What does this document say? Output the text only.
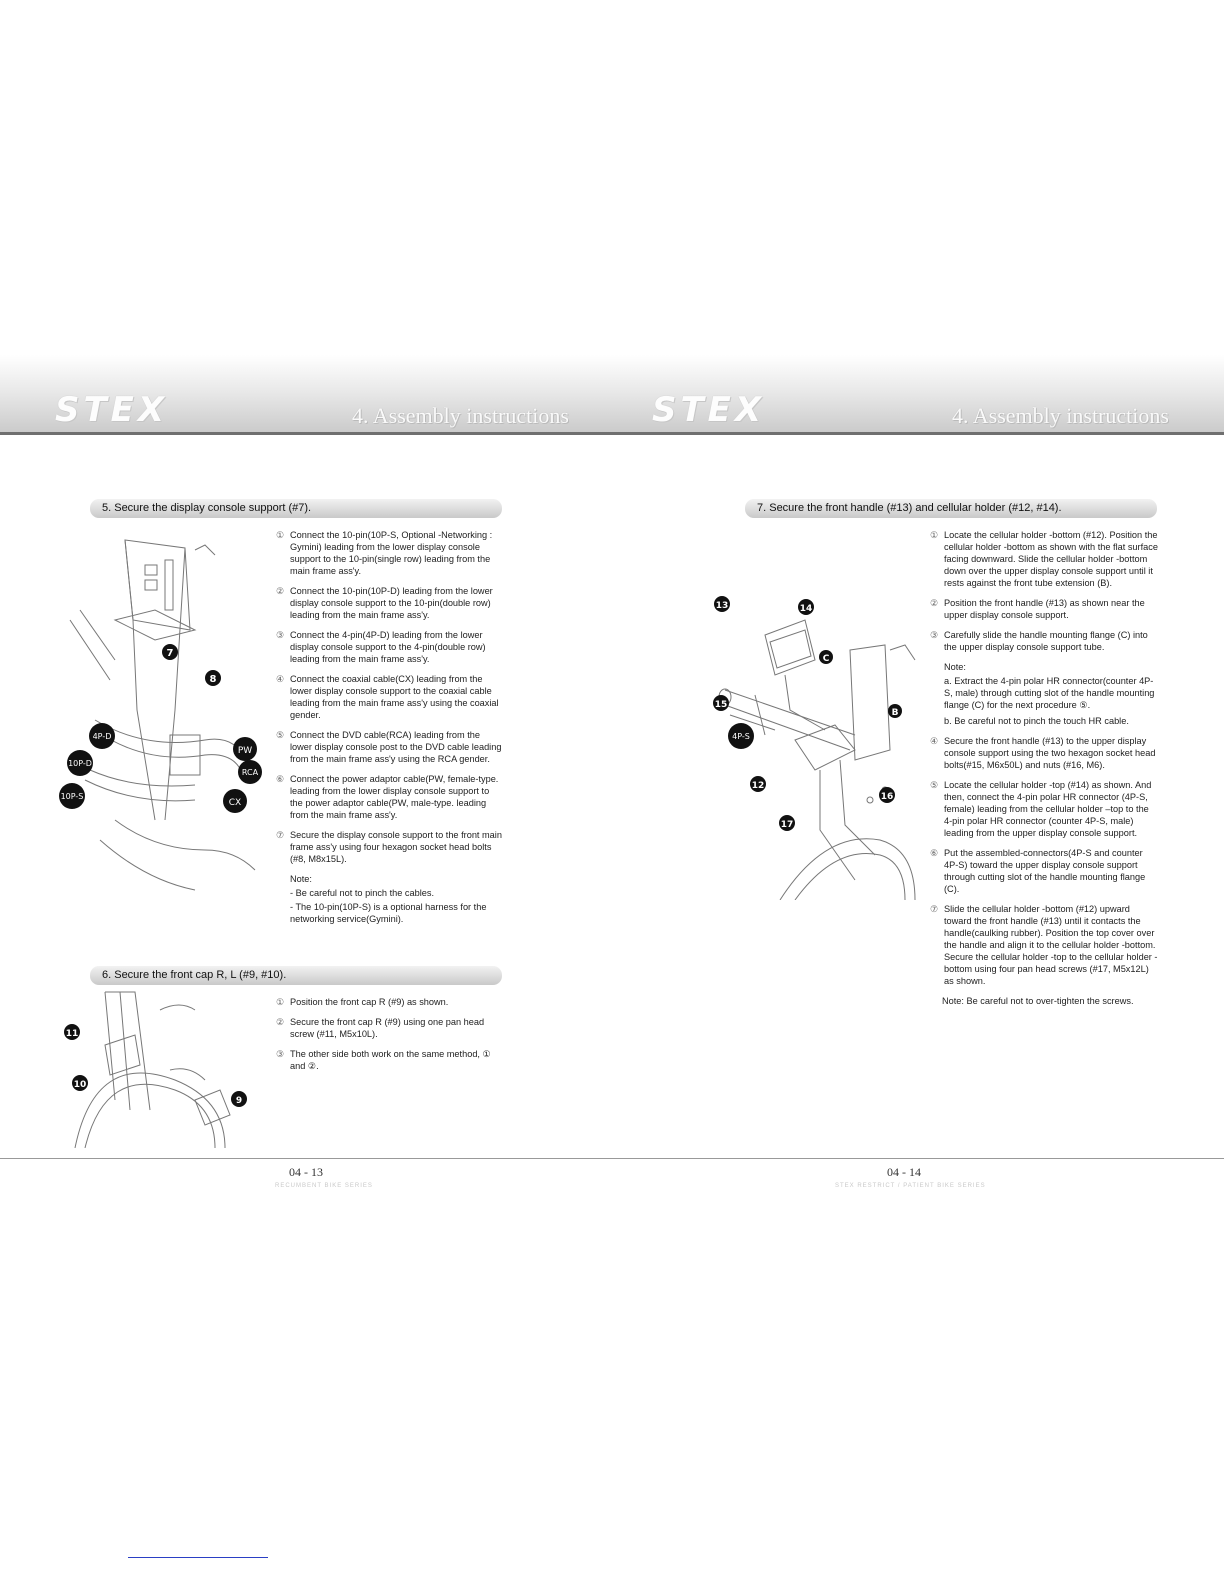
STEX	4. Assembly instructions STEX	4. Assembly instructions
5. Secure the display console support (#7).
7
8
4P-D
10P-D
10P-S
PW
RCA
CX
① Connect the 10-pin(10P-S, Optional -Networking : Gymini) leading from the lower display console support to the 10-pin(single row) leading from the main frame ass'y.
② Connect the 10-pin(10P-D) leading from the lower display console support to the 10-pin(double row) leading from the main frame ass'y.
③ Connect the 4-pin(4P-D) leading from the lower display console support to the 4-pin(double row) leading from the main frame ass'y.
④ Connect the coaxial cable(CX) leading from the lower display console support to the coaxial cable leading from the main frame ass'y using the coaxial gender.
⑤ Connect the DVD cable(RCA) leading from the lower display console post to the DVD cable leading from the main frame ass'y using the RCA gender.
⑥ Connect the power adaptor cable(PW, female-type. leading from the lower display console support to the power adaptor cable(PW, male-type. leading from the main frame ass'y.
⑦ Secure the display console support to the front main frame ass'y using four hexagon socket head bolts (#8, M8x15L).
Note:
- Be careful not to pinch the cables.
- The 10-pin(10P-S) is a optional harness for the networking service(Gymini).
6. Secure the front cap R, L (#9, #10).
11
10
9
① Position the front cap R (#9) as shown.
② Secure the front cap R (#9) using one pan head screw (#11, M5x10L).
③ The other side both work on the same method, ① and ②.
7. Secure the front handle (#13) and cellular holder (#12, #14).
13	14
C
15
B
4P-S
12
16
17
① Locate the cellular holder -bottom (#12). Position the cellular holder -bottom as shown with the flat surface facing downward. Slide the cellular holder -bottom down over the upper display console support until it rests against the front tube extension (B).
② Position the front handle (#13) as shown near the upper display console support.
③ Carefully slide the handle mounting flange (C) into the upper display console support tube.
Note:
a. Extract the 4-pin polar HR connector(counter 4P-S, male) through cutting slot of the handle mounting flange (C) for the next procedure ⑤.
b. Be careful not to pinch the touch HR cable.
④ Secure the front handle (#13) to the upper display console support using the two hexagon socket head bolts(#15, M6x50L) and nuts (#16, M6).
⑤ Locate the cellular holder -top (#14) as shown. And then, connect the 4-pin polar HR connector (4P-S, female) leading from the cellular holder –top to the 4-pin polar HR connector (counter 4P-S, male) leading from the upper display console support.
⑥ Put the assembled-connectors(4P-S and counter 4P-S) toward the upper display console support through cutting slot of the handle mounting flange (C).
⑦ Slide the cellular holder -bottom (#12) upward toward the front handle (#13) until it contacts the handle(caulking rubber). Position the top cover over the handle and align it to the cellular holder -bottom. Secure the cellular holder -top to the cellular holder -bottom using four pan head screws (#17, M5x12L) as shown.
Note: Be careful not to over-tighten the screws.
04 - 13
RECUMBENT BIKE SERIES
04 - 14
STEX RESTRICT / PATIENT BIKE SERIES
